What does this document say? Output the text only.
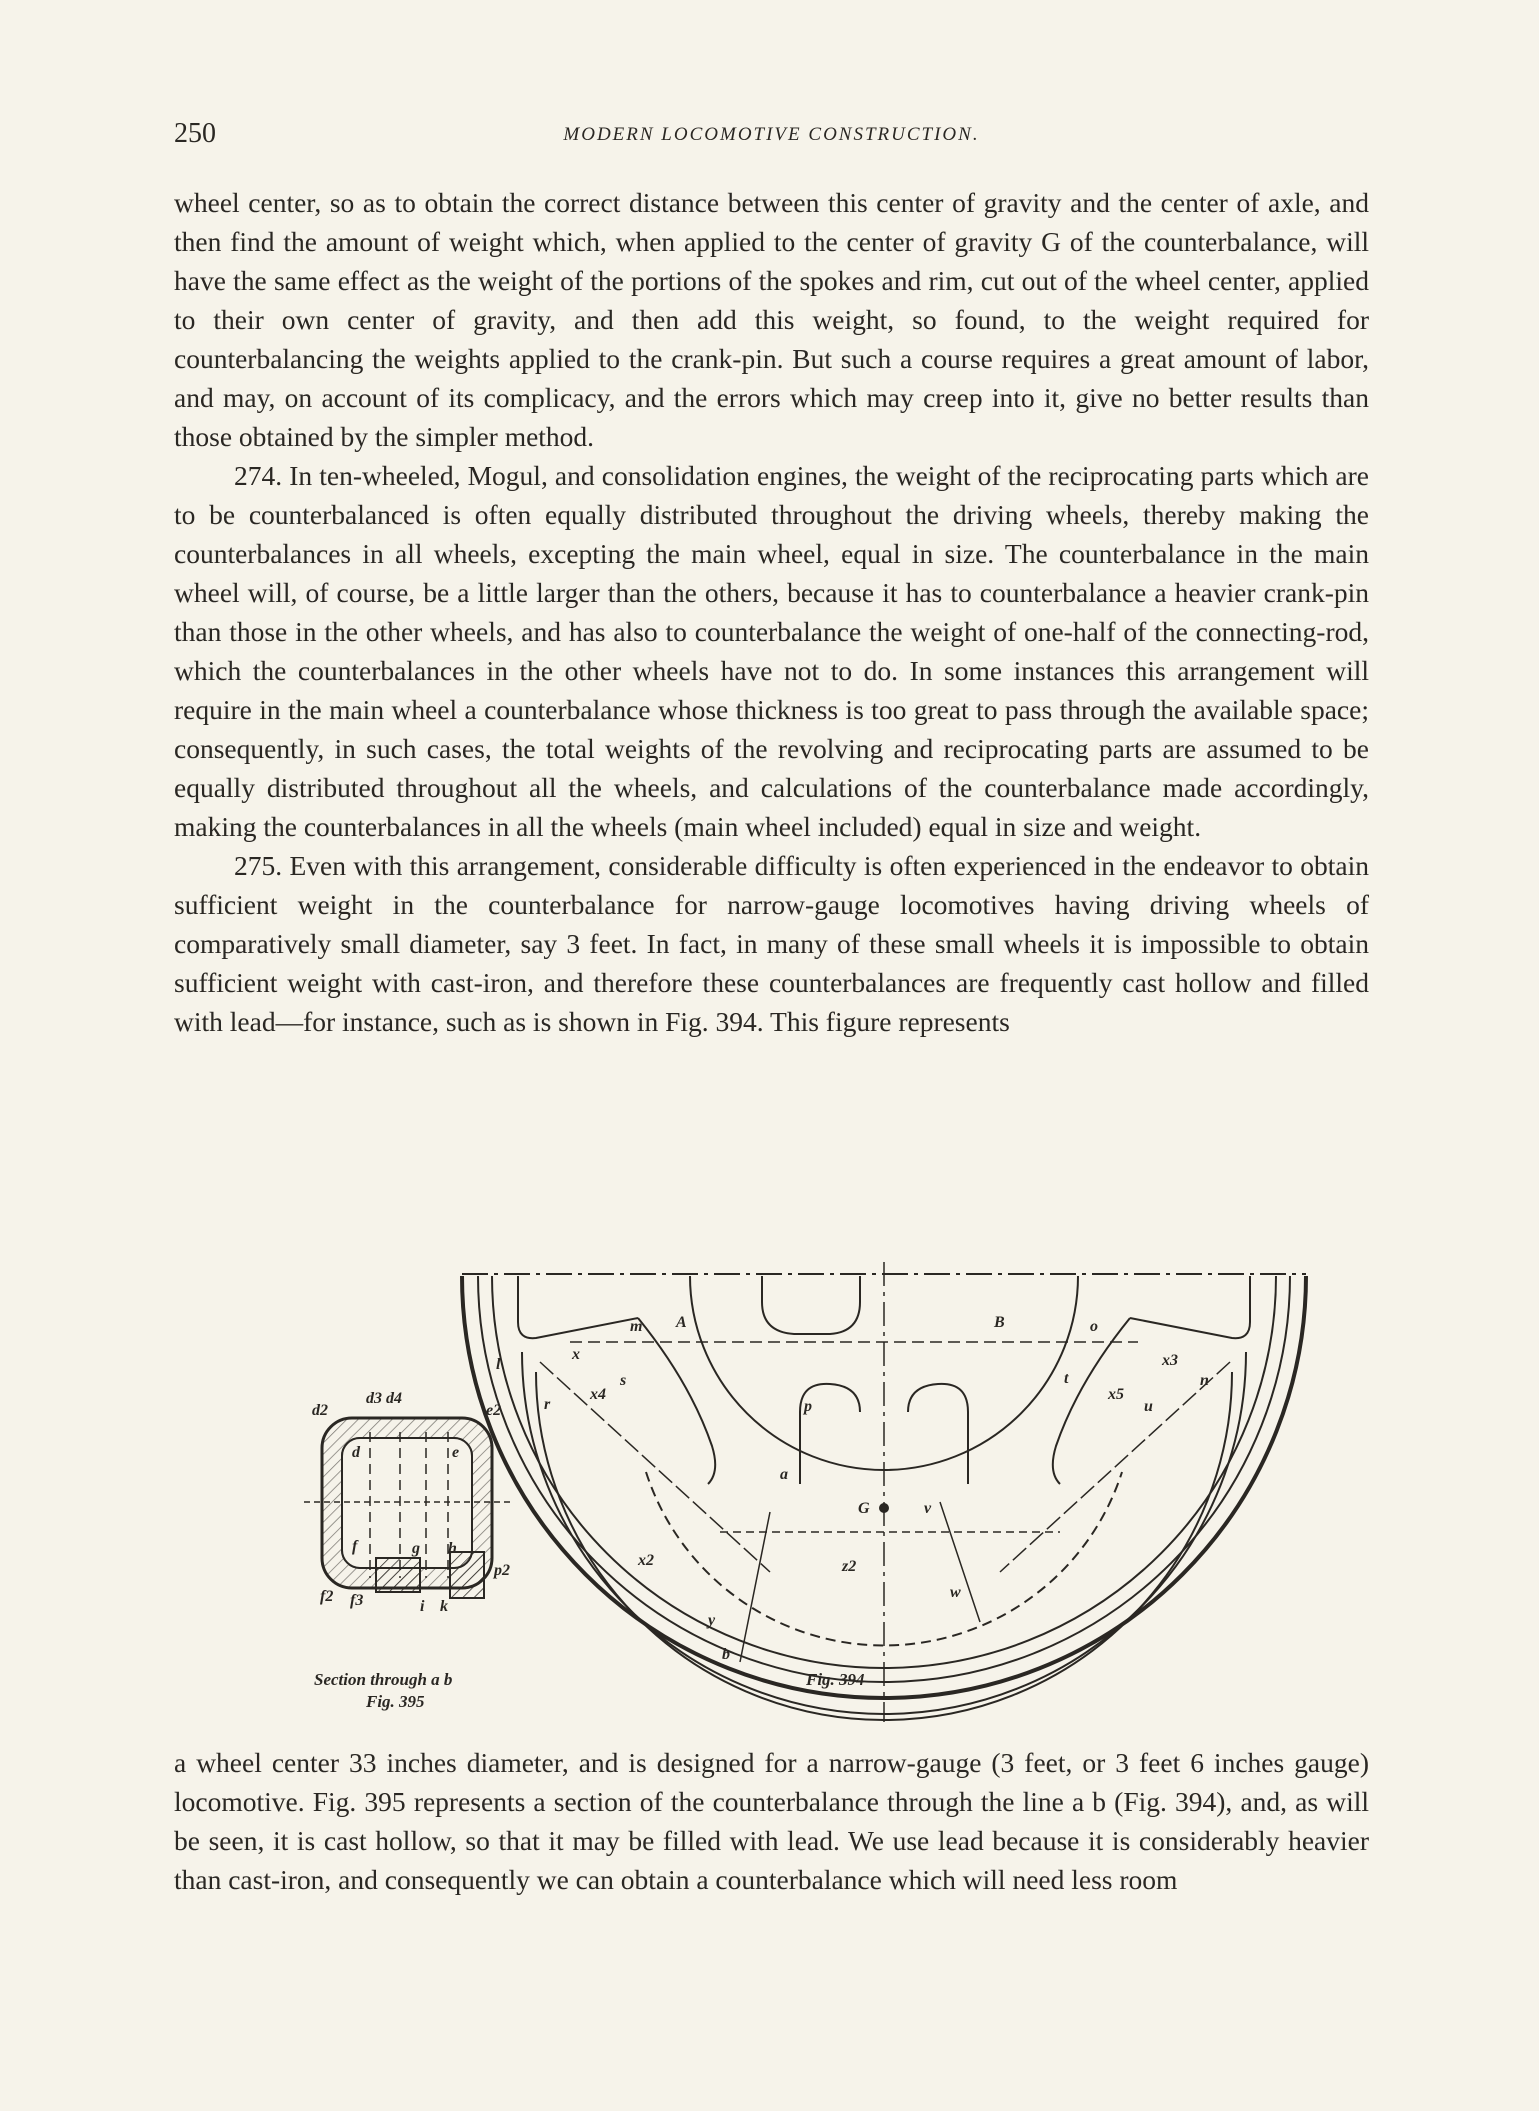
250	MODERN LOCOMOTIVE CONSTRUCTION.

wheel center, so as to obtain the correct distance between this center of gravity and the center of axle, and then find the amount of weight which, when applied to the center of gravity G of the counterbalance, will have the same effect as the weight of the portions of the spokes and rim, cut out of the wheel center, applied to their own center of gravity, and then add this weight, so found, to the weight required for counterbalancing the weights applied to the crank-pin. But such a course requires a great amount of labor, and may, on account of its complicacy, and the errors which may creep into it, give no better results than those obtained by the simpler method.

274. In ten-wheeled, Mogul, and consolidation engines, the weight of the reciprocating parts which are to be counterbalanced is often equally distributed throughout the driving wheels, thereby making the counterbalances in all wheels, excepting the main wheel, equal in size. The counterbalance in the main wheel will, of course, be a little larger than the others, because it has to counterbalance a heavier crank-pin than those in the other wheels, and has also to counterbalance the weight of one-half of the connecting-rod, which the counterbalances in the other wheels have not to do. In some instances this arrangement will require in the main wheel a counterbalance whose thickness is too great to pass through the available space; consequently, in such cases, the total weights of the revolving and reciprocating parts are assumed to be equally distributed throughout all the wheels, and calculations of the counterbalance made accordingly, making the counterbalances in all the wheels (main wheel included) equal in size and weight.

275. Even with this arrangement, considerable difficulty is often experienced in the endeavor to obtain sufficient weight in the counterbalance for narrow-gauge locomotives having driving wheels of comparatively small diameter, say 3 feet. In fact, in many of these small wheels it is impossible to obtain sufficient weight with cast-iron, and therefore these counterbalances are frequently cast hollow and filled with lead—for instance, such as is shown in Fig. 394. This figure represents

m A	B	o
x	x3
l
n
x4
s	t
x5
r	u
p
a
G	v
x2	z2
w
y
b
d2
d3 d4
e2
d	e
f	g h
f2 f3	i k
p2
Section through a b
Fig. 395
Fig. 394

a wheel center 33 inches diameter, and is designed for a narrow-gauge (3 feet, or 3 feet 6 inches gauge) locomotive. Fig. 395 represents a section of the counterbalance through the line a b (Fig. 394), and, as will be seen, it is cast hollow, so that it may be filled with lead. We use lead because it is considerably heavier than cast-iron, and consequently we can obtain a counterbalance which will need less room
